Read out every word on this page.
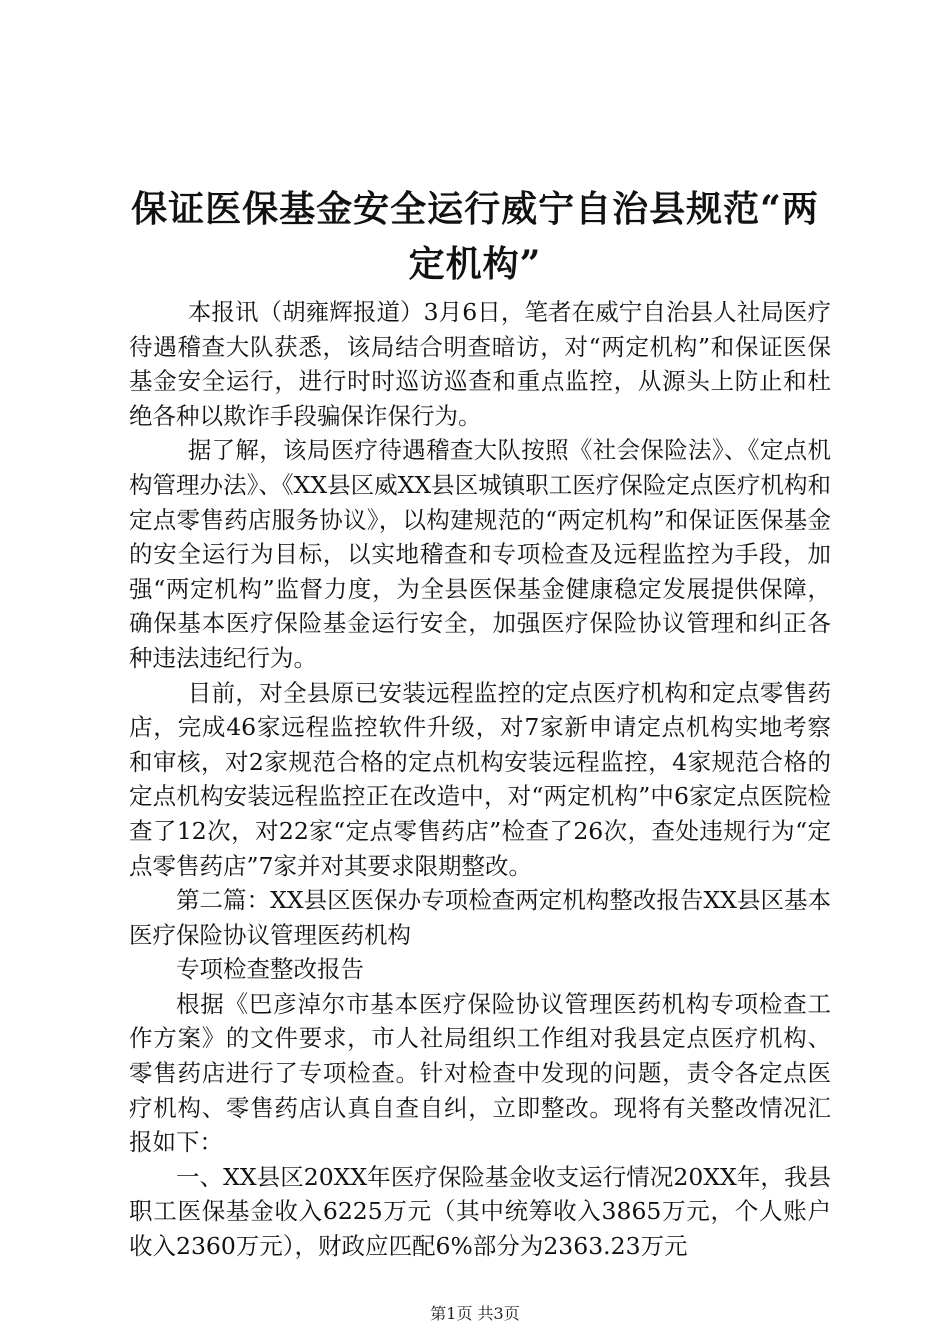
保证医保基金安全运行威宁自治县规范“两定机构”

本报讯（胡雍辉报道）3月6日，笔者在威宁自治县人社局医疗待遇稽查大队获悉，该局结合明查暗访，对“两定机构”和保证医保基金安全运行，进行时时巡访巡查和重点监控，从源头上防止和杜绝各种以欺诈手段骗保诈保行为。

据了解，该局医疗待遇稽查大队按照《社会保险法》、《定点机构管理办法》、《XX县区威XX县区城镇职工医疗保险定点医疗机构和定点零售药店服务协议》，以构建规范的“两定机构”和保证医保基金的安全运行为目标，以实地稽查和专项检查及远程监控为手段，加强“两定机构”监督力度，为全县医保基金健康稳定发展提供保障，确保基本医疗保险基金运行安全，加强医疗保险协议管理和纠正各种违法违纪行为。

目前，对全县原已安装远程监控的定点医疗机构和定点零售药店，完成46家远程监控软件升级，对7家新申请定点机构实地考察和审核，对2家规范合格的定点机构安装远程监控，4家规范合格的定点机构安装远程监控正在改造中，对“两定机构”中6家定点医院检查了12次，对22家“定点零售药店”检查了26次，查处违规行为“定点零售药店”7家并对其要求限期整改。

第二篇：XX县区医保办专项检查两定机构整改报告XX县区基本医疗保险协议管理医药机构

专项检查整改报告

根据《巴彦淖尔市基本医疗保险协议管理医药机构专项检查工作方案》的文件要求，市人社局组织工作组对我县定点医疗机构、零售药店进行了专项检查。针对检查中发现的问题，责令各定点医疗机构、零售药店认真自查自纠，立即整改。现将有关整改情况汇报如下：

一、XX县区20XX年医疗保险基金收支运行情况20XX年，我县职工医保基金收入6225万元（其中统筹收入3865万元，个人账户收入2360万元），财政应匹配6%部分为2363.23万元

第1页 共3页
